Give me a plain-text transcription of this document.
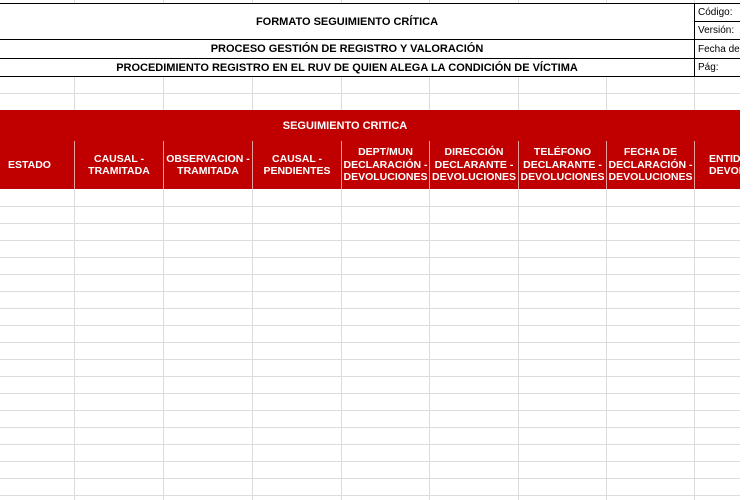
FORMATO SEGUIMIENTO CRÍTICA
PROCESO GESTIÓN DE REGISTRO Y VALORACIÓN
PROCEDIMIENTO REGISTRO EN EL RUV DE QUIEN ALEGA LA CONDICIÓN DE VÍCTIMA
Código:
Versión:
Fecha de
Pág:
SEGUIMIENTO CRITICA
ESTADO
CAUSAL -
TRAMITADA
OBSERVACION -
TRAMITADA
CAUSAL -
PENDIENTES
DEPT/MUN
DECLARACIÓN -
DEVOLUCIONES
DIRECCIÓN
DECLARANTE -
DEVOLUCIONES
TELÉFONO
DECLARANTE -
DEVOLUCIONES
FECHA DE
DECLARACIÓN -
DEVOLUCIONES
ENTID
DEVOLU
